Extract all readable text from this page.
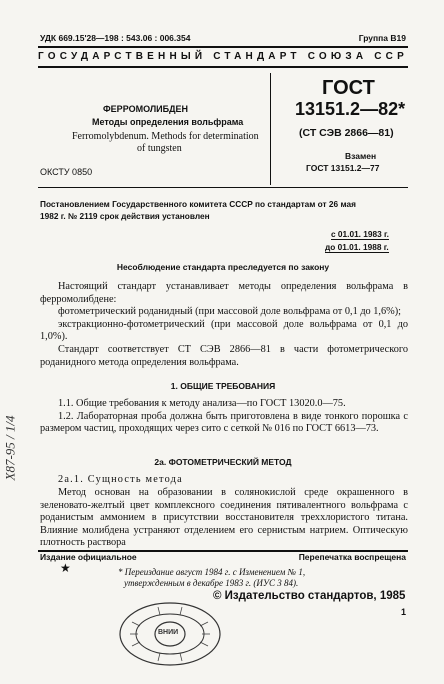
УДК 669.15'28—198 : 543.06 : 006.354	Группа В19
ГОСУДАРСТВЕННЫЙ СТАНДАРТ СОЮЗА ССР
ФЕРРОМОЛИБДЕН
Методы определения вольфрама
Ferromolybdenum. Methods for determination
of tungsten
ОКСТУ 0850
ГОСТ
13151.2—82*
(СТ СЭВ 2866—81)
Взамен
ГОСТ 13151.2—77
Постановлением Государственного комитета СССР по стандартам от 26 мая
1982 г. № 2119 срок действия установлен
с 01.01. 1983 г.
до 01.01. 1988 г.
Несоблюдение стандарта преследуется по закону

Настоящий стандарт устанавливает методы определения вольфрама в ферромолибдене:

фотометрический роданидный (при массовой доле вольфрама от 0,1 до 1,6%);

экстракционно-фотометрический (при массовой доле вольфрама от 0,1 до 1,0%).

Стандарт соответствует СТ СЭВ 2866—81 в части фотометрического роданидного метода определения вольфрама.

1. ОБЩИЕ ТРЕБОВАНИЯ

1.1. Общие требования к методу анализа—по ГОСТ 13020.0—75.

1.2. Лабораторная проба должна быть приготовлена в виде тонкого порошка с размером частиц, проходящих через сито с сеткой № 016 по ГОСТ 6613—73.

2а. ФОТОМЕТРИЧЕСКИЙ МЕТОД
2а.1. Сущность метода

Метод основан на образовании в солянокислой среде окрашенного в зеленовато-желтый цвет комплексного соединения пятивалентного вольфрама с роданистым аммонием в присутствии восстановителя треххлористого титана. Влияние молибдена устраняют отделением его сернистым натрием. Оптическую плотность раствора

Издание официальное	Перепечатка воспрещена
★	* Переиздание август 1984 г. с Изменением № 1,
утвержденным в декабре 1983 г. (ИУС 3 84).
© Издательство стандартов, 1985
1
Х87-95 / 1/4
ВНИИ
